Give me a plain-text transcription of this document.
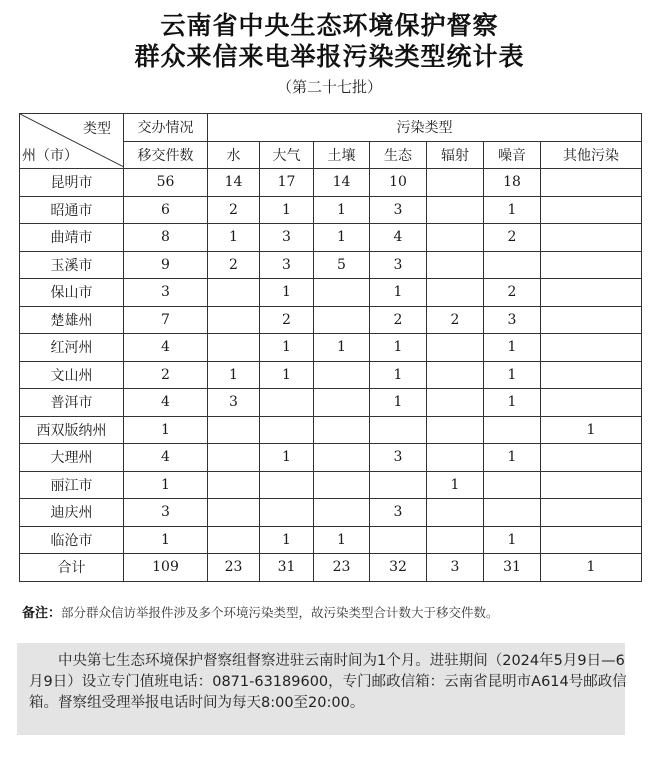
云南省中央生态环境保护督察
群众来信来电举报污染类型统计表
（第二十七批）
类型
州（市）	交办情况	污染类型						
	移交件数	水	大气	土壤	生态	辐射	噪音	其他污染
昆明市	56	14	17	14	10		18	
昭通市	6	2	1	1	3		1	
曲靖市	8	1	3	1	4		2	
玉溪市	9	2	3	5	3			
保山市	3		1		1		2	
楚雄州	7		2		2	2	3	
红河州	4		1	1	1		1	
文山州	2	1	1		1		1	
普洱市	4	3			1		1	
西双版纳州	1							1
大理州	4		1		3		1	
丽江市	1					1		
迪庆州	3				3			
临沧市	1		1	1			1	
合计	109	23	31	23	32	3	31	1
备注：部分群众信访举报件涉及多个环境污染类型，故污染类型合计数大于移交件数。

中央第七生态环境保护督察组督察进驻云南时间为1个月。进驻期间（2024年5月9日—6月9日）设立专门值班电话：0871-63189600，专门邮政信箱：云南省昆明市A614号邮政信箱。督察组受理举报电话时间为每天8:00至20:00。
